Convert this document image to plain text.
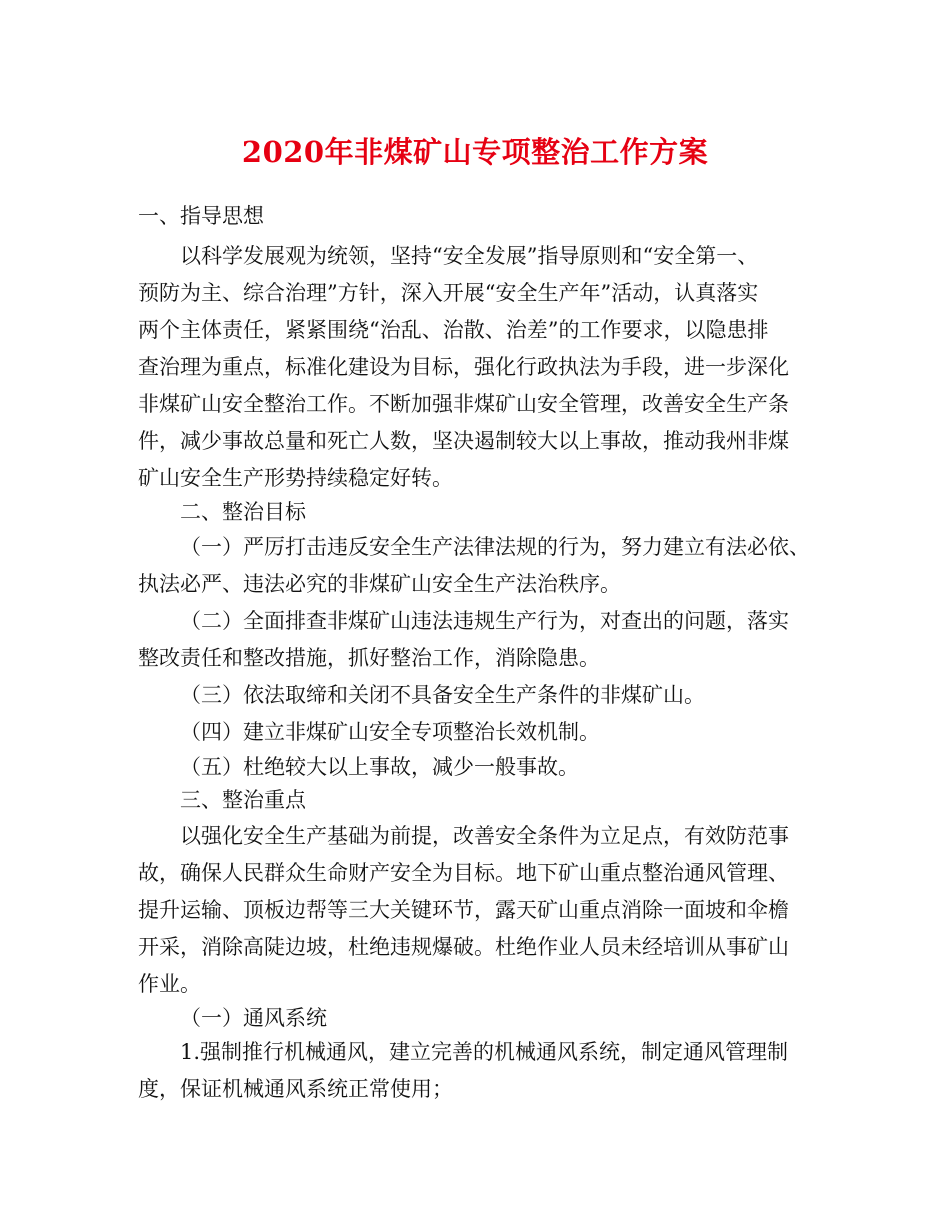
2020年非煤矿山专项整治工作方案
一、指导思想
以科学发展观为统领，坚持“安全发展”指导原则和“安全第一、
预防为主、综合治理”方针，深入开展“安全生产年”活动，认真落实
两个主体责任，紧紧围绕“治乱、治散、治差”的工作要求，以隐患排
查治理为重点，标准化建设为目标，强化行政执法为手段，进一步深化
非煤矿山安全整治工作。不断加强非煤矿山安全管理，改善安全生产条
件，减少事故总量和死亡人数，坚决遏制较大以上事故，推动我州非煤
矿山安全生产形势持续稳定好转。
二、整治目标
（一）严厉打击违反安全生产法律法规的行为，努力建立有法必依、
执法必严、违法必究的非煤矿山安全生产法治秩序。
（二）全面排查非煤矿山违法违规生产行为，对查出的问题，落实
整改责任和整改措施，抓好整治工作，消除隐患。
（三）依法取缔和关闭不具备安全生产条件的非煤矿山。
（四）建立非煤矿山安全专项整治长效机制。
（五）杜绝较大以上事故，减少一般事故。
三、整治重点
以强化安全生产基础为前提，改善安全条件为立足点，有效防范事
故，确保人民群众生命财产安全为目标。地下矿山重点整治通风管理、
提升运输、顶板边帮等三大关键环节，露天矿山重点消除一面坡和伞檐
开采，消除高陡边坡，杜绝违规爆破。杜绝作业人员未经培训从事矿山
作业。
（一）通风系统
1.强制推行机械通风，建立完善的机械通风系统，制定通风管理制
度，保证机械通风系统正常使用；
